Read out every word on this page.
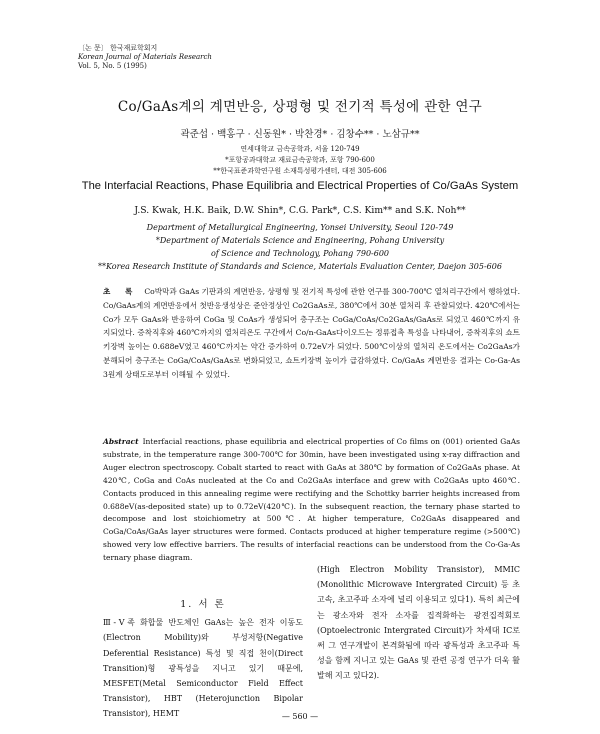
〔논 문〕 한국재료학회지
Korean Journal of Materials Research
Vol. 5, No. 5 (1995)
Co/GaAs계의 계면반응, 상평형 및 전기적 특성에 관한 연구
곽준섭 · 백홍구 · 신동원* · 박찬경* · 김창수** · 노삼규**
연세대학교 금속공학과, 서울 120-749
*포항공과대학교 재료금속공학과, 포항 790-600
**한국표준과학연구원 소재특성평가센터, 대전 305-606
The Interfacial Reactions, Phase Equilibria and Electrical Properties of Co/GaAs System
J.S. Kwak, H.K. Baik, D.W. Shin*, C.G. Park*, C.S. Kim** and S.K. Noh**
Department of Metallurgical Engineering, Yonsei University, Seoul 120-749
*Department of Materials Science and Engineering, Pohang University
of Science and Technology, Pohang 790-600
**Korea Research Institute of Standards and Science, Materials Evaluation Center, Daejon 305-606
초 록 Co박막과 GaAs 기판과의 계면반응, 상평형 및 전기적 특성에 관한 연구를 300-700℃ 열처리구간에서 행하였다. Co/GaAs계의 계면반응에서 첫반응생성상은 준안정상인 Co2GaAs로, 380℃에서 30분 열처리 후 관찰되었다. 420℃에서는 Co가 모두 GaAs와 반응하여 CoGa 및 CoAs가 생성되어 층구조는 CoGa/CoAs/Co2GaAs/GaAs로 되었고 460℃까지 유지되었다. 증착직후와 460℃까지의 열처리온도 구간에서 Co/n-GaAs다이오드는 정류접촉 특성을 나타내어, 증착직후의 쇼트키장벽 높이는 0.688eV였고 460℃까지는 약간 증가하여 0.72eV가 되었다. 500℃이상의 열처리 온도에서는 Co2GaAs가 분해되어 층구조는 CoGa/CoAs/GaAs로 변화되었고, 쇼트키장벽 높이가 급감하였다. Co/GaAs 계면반응 결과는 Co-Ga-As 3원계 상태도로부터 이해될 수 있었다.
Abstract Interfacial reactions, phase equilibria and electrical properties of Co films on (001) oriented GaAs substrate, in the temperature range 300-700℃ for 30min, have been investigated using x-ray diffraction and Auger electron spectroscopy. Cobalt started to react with GaAs at 380℃ by formation of Co2GaAs phase. At 420℃, CoGa and CoAs nucleated at the Co and Co2GaAs interface and grew with Co2GaAs upto 460℃. Contacts produced in this annealing regime were rectifying and the Schottky barrier heights increased from 0.688eV(as-deposited state) up to 0.72eV(420℃). In the subsequent reaction, the ternary phase started to decompose and lost stoichiometry at 500℃. At higher temperature, Co2GaAs disappeared and CoGa/CoAs/GaAs layer structures were formed. Contacts produced at higher temperature regime (>500℃) showed very low effective barriers. The results of interfacial reactions can be understood from the Co-Ga-As ternary phase diagram.
1. 서 론
Ⅲ-Ⅴ족 화합물 반도체인 GaAs는 높은 전자 이동도(Electron Mobility)와 부성저항(Negative Deferential Resistance) 특성 및 직접 천이(Direct Transition)형 광특성을 지니고 있기 때문에, MESFET(Metal Semiconductor Field Effect Transistor), HBT (Heterojunction Bipolar Transistor), HEMT
(High Electron Mobility Transistor), MMIC (Monolithic Microwave Intergrated Circuit) 등 초고속, 초고주파 소자에 널리 이용되고 있다1). 특히 최근에는 광소자와 전자 소자를 집적화하는 광전집적회로(Optoelectronic Intergrated Circuit)가 차세대 IC로써 그 연구개발이 본격화됨에 따라 광특성과 초고주파 특성을 함께 지니고 있는 GaAs 및 관련 공정 연구가 더욱 활발해 지고 있다2).
— 560 —
